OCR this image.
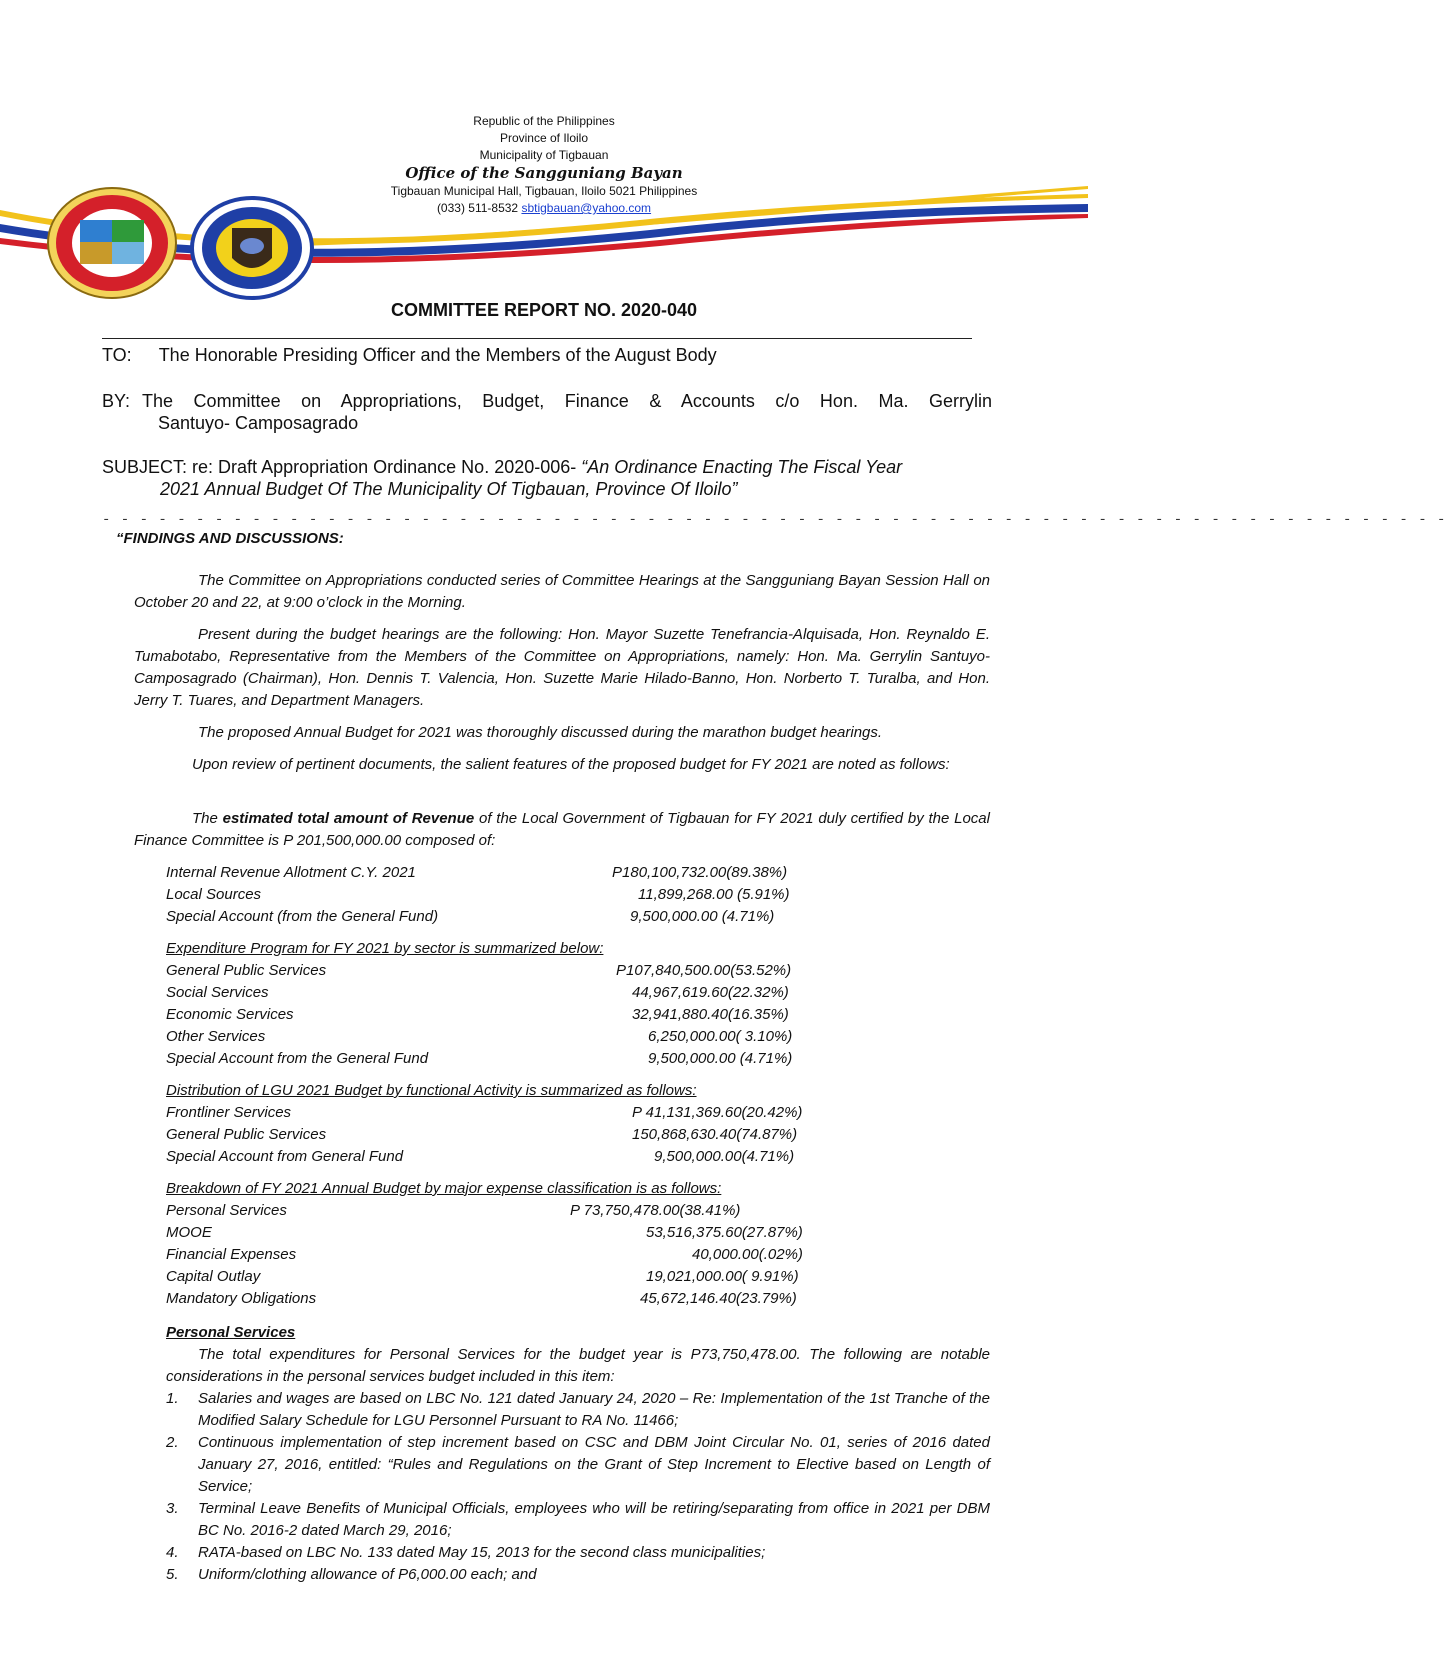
Republic of the Philippines
Province of Iloilo
Municipality of Tigbauan
Office of the Sangguniang Bayan
Tigbauan Municipal Hall, Tigbauan, Iloilo 5021 Philippines
(033) 511-8532 sbtigbauan@yahoo.com
COMMITTEE REPORT NO. 2020-040
TO: The Honorable Presiding Officer and the Members of the August Body
BY: The Committee on Appropriations, Budget, Finance & Accounts c/o Hon. Ma. Gerrylin
Santuyo- Camposagrado
SUBJECT: re: Draft Appropriation Ordinance No. 2020-006- “An Ordinance Enacting The Fiscal Year
2021 Annual Budget Of The Municipality Of Tigbauan, Province Of Iloilo”
- - - - - - - - - - - - - - - - - - - - - - - - - - - - - - - - - - - - - - - - - - - - - - - - - - - - - - - - - - - - - - - - - - - - - - - -
“FINDINGS AND DISCUSSIONS:
The Committee on Appropriations conducted series of Committee Hearings at the Sangguniang Bayan Session Hall on October 20 and 22, at 9:00 o’clock in the Morning.
Present during the budget hearings are the following: Hon. Mayor Suzette Tenefrancia-Alquisada, Hon. Reynaldo E. Tumabotabo, Representative from the Members of the Committee on Appropriations, namely: Hon. Ma. Gerrylin Santuyo-Camposagrado (Chairman), Hon. Dennis T. Valencia, Hon. Suzette Marie Hilado-Banno, Hon. Norberto T. Turalba, and Hon. Jerry T. Tuares, and Department Managers.
The proposed Annual Budget for 2021 was thoroughly discussed during the marathon budget hearings.
Upon review of pertinent documents, the salient features of the proposed budget for FY 2021 are noted as follows:
The estimated total amount of Revenue of the Local Government of Tigbauan for FY 2021 duly certified by the Local Finance Committee is P 201,500,000.00 composed of:
Internal Revenue Allotment C.Y. 2021	P180,100,732.00(89.38%)
Local Sources	11,899,268.00 (5.91%)
Special Account (from the General Fund)	9,500,000.00 (4.71%)
Expenditure Program for FY 2021 by sector is summarized below:
General Public Services	P107,840,500.00(53.52%)
Social Services	44,967,619.60(22.32%)
Economic Services	32,941,880.40(16.35%)
Other Services	6,250,000.00( 3.10%)
Special Account from the General Fund	9,500,000.00 (4.71%)
Distribution of LGU 2021 Budget by functional Activity is summarized as follows:
Frontliner Services	P 41,131,369.60(20.42%)
General Public Services	150,868,630.40(74.87%)
Special Account from General Fund	9,500,000.00(4.71%)
Breakdown of FY 2021 Annual Budget by major expense classification is as follows:
Personal Services	P 73,750,478.00(38.41%)
MOOE	53,516,375.60(27.87%)
Financial Expenses	40,000.00(.02%)
Capital Outlay	19,021,000.00( 9.91%)
Mandatory Obligations	45,672,146.40(23.79%)
Personal Services
The total expenditures for Personal Services for the budget year is P73,750,478.00. The following are notable considerations in the personal services budget included in this item:
1. Salaries and wages are based on LBC No. 121 dated January 24, 2020 – Re: Implementation of the 1st Tranche of the Modified Salary Schedule for LGU Personnel Pursuant to RA No. 11466;
2. Continuous implementation of step increment based on CSC and DBM Joint Circular No. 01, series of 2016 dated January 27, 2016, entitled: “Rules and Regulations on the Grant of Step Increment to Elective based on Length of Service;
3. Terminal Leave Benefits of Municipal Officials, employees who will be retiring/separating from office in 2021 per DBM BC No. 2016-2 dated March 29, 2016;
4. RATA-based on LBC No. 133 dated May 15, 2013 for the second class municipalities;
5. Uniform/clothing allowance of P6,000.00 each; and
